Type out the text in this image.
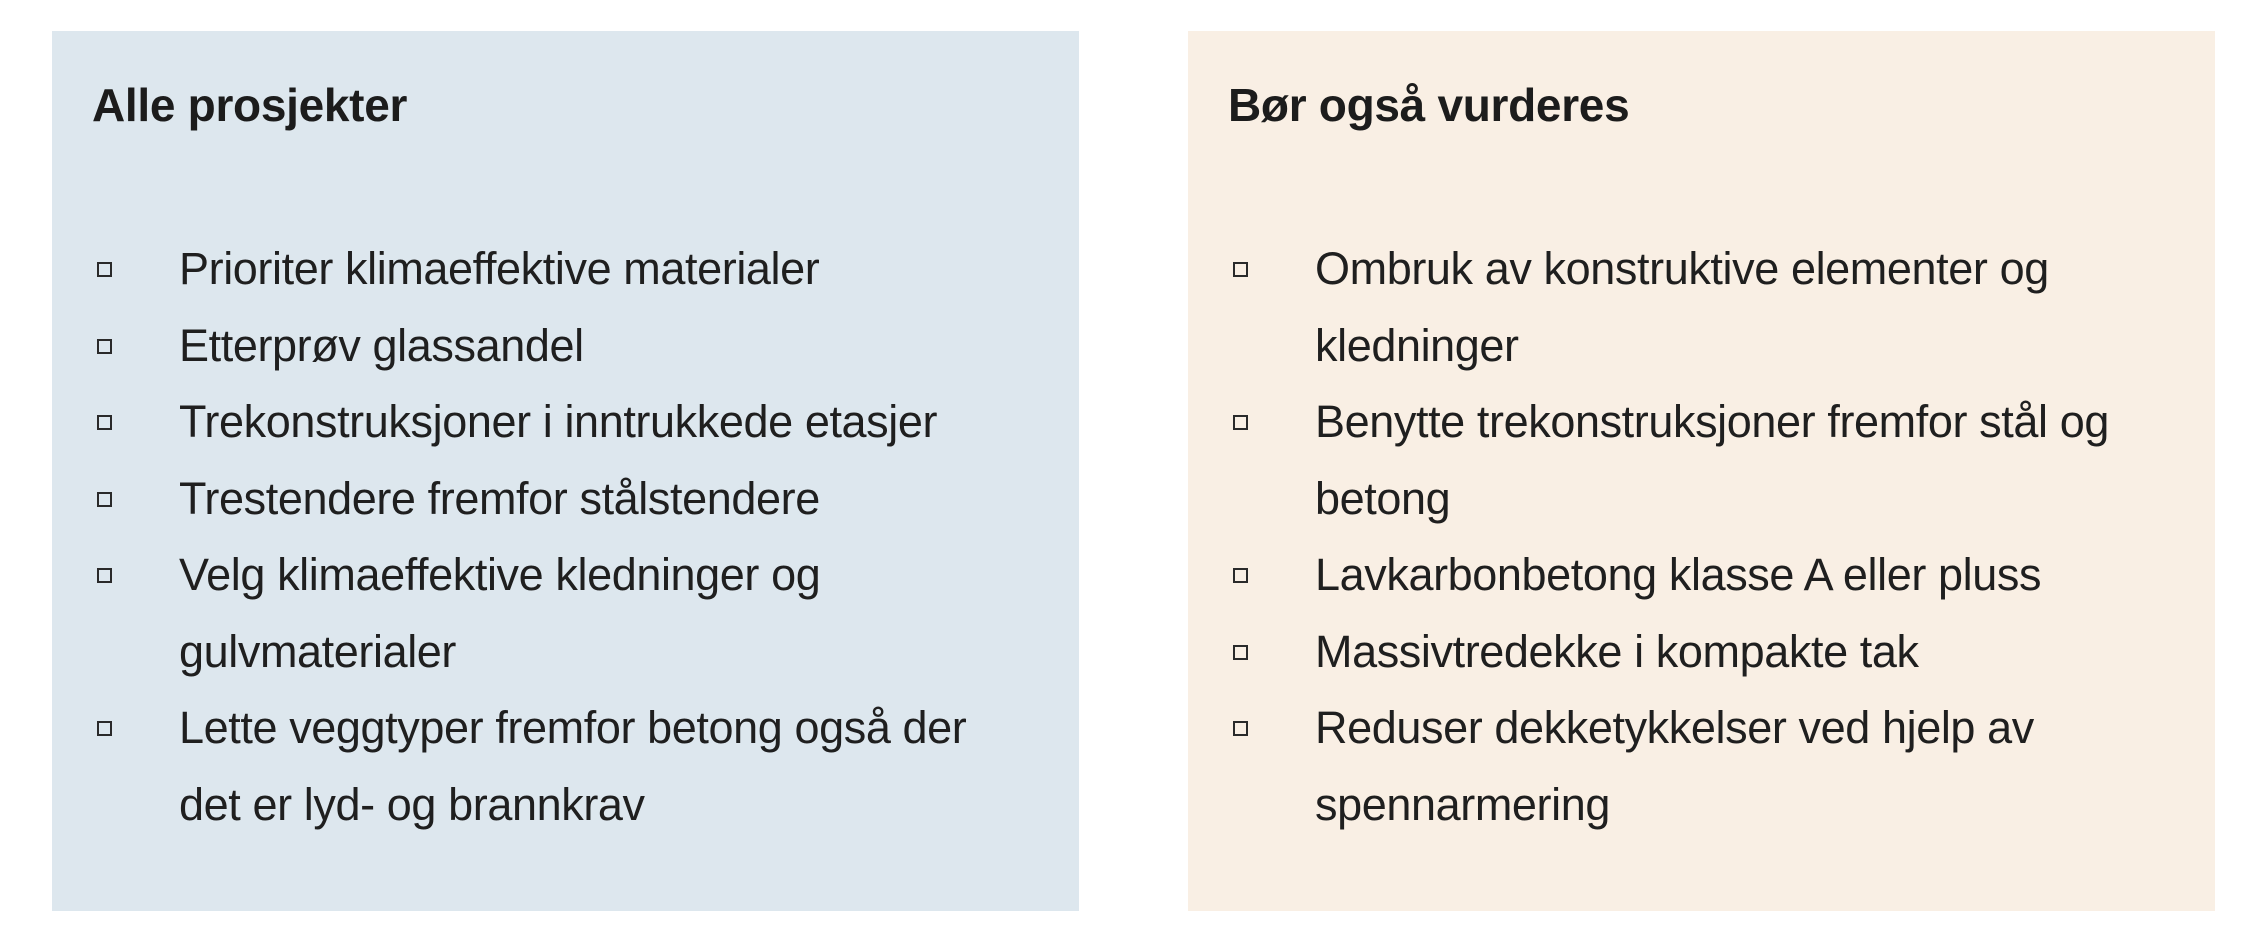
Alle prosjekter
Prioriter klimaeffektive materialer
Etterprøv glassandel
Trekonstruksjoner i inntrukkede etasjer
Trestendere fremfor stålstendere
Velg klimaeffektive kledninger og gulvmaterialer
Lette veggtyper fremfor betong også der det er lyd- og brannkrav
Bør også vurderes
Ombruk av konstruktive elementer og kledninger
Benytte trekonstruksjoner fremfor stål og betong
Lavkarbonbetong klasse A eller pluss
Massivtredekke i kompakte tak
Reduser dekketykkelser ved hjelp av spennarmering
